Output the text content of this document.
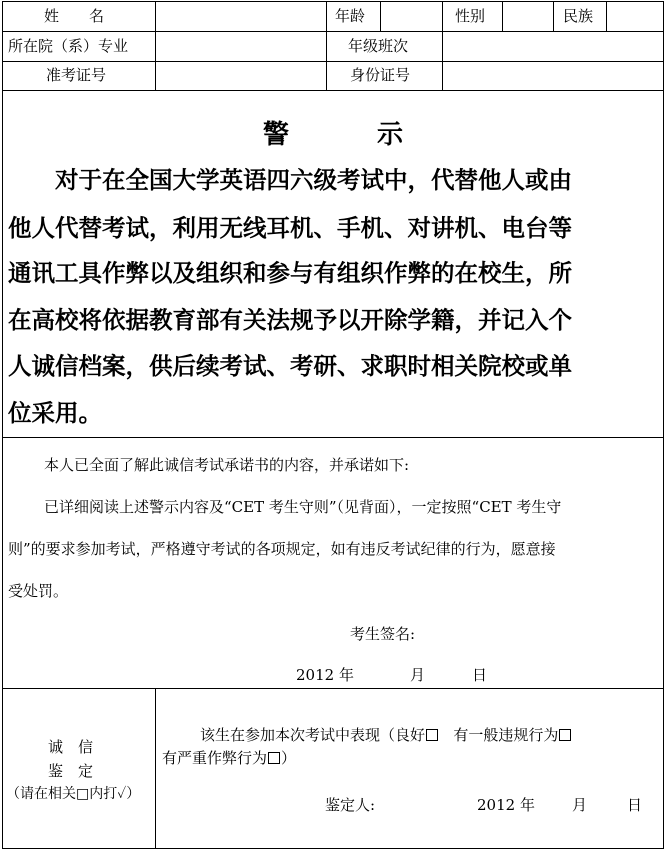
姓　　名	年龄	性别	民族
所在院（系）专业	年级班次
准考证号	身份证号
警示
　　对于在全国大学英语四六级考试中，代替他人或由
他人代替考试，利用无线耳机、手机、对讲机、电台等
通讯工具作弊以及组织和参与有组织作弊的在校生，所
在高校将依据教育部有关法规予以开除学籍，并记入个
人诚信档案，供后续考试、考研、求职时相关院校或单
位采用。
本人已全面了解此诚信考试承诺书的内容，并承诺如下:
已详细阅读上述警示内容及“CET 考生守则”（见背面），一定按照“CET 考生守
则”的要求参加考试，严格遵守考试的各项规定，如有违反考试纪律的行为，愿意接
受处罚。
考生签名:
2012 年	月	日
诚　信
鉴　定
（请在相关□内打✓）
该生在参加本次考试中表现（良好 有一般违规行为
有严重作弊行为 ）
鉴定人:	2012 年 月	日
